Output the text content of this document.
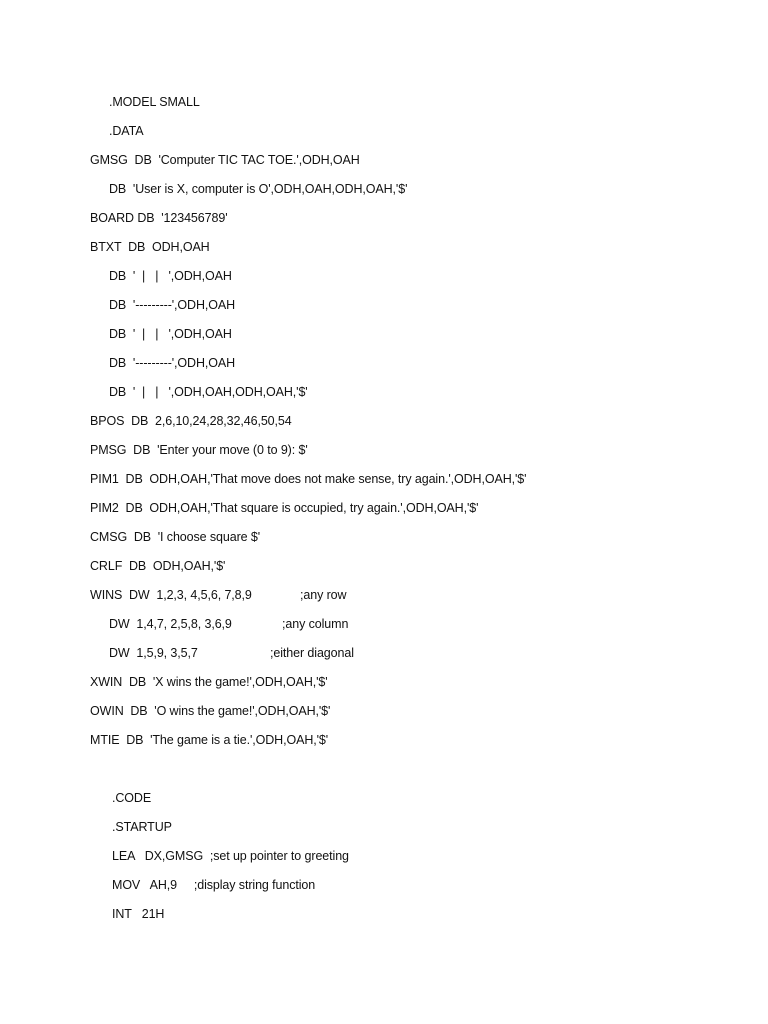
.MODEL SMALL
.DATA
GMSG  DB  'Computer TIC TAC TOE.',ODH,OAH
DB  'User is X, computer is O',ODH,OAH,ODH,OAH,'$'
BOARD DB  '123456789'
BTXT  DB  ODH,OAH
DB  '  |   |   ',ODH,OAH
DB  '---------',ODH,OAH
DB  '  |   |   ',ODH,OAH
DB  '---------',ODH,OAH
DB  '  |   |   ',ODH,OAH,ODH,OAH,'$'
BPOS  DB  2,6,10,24,28,32,46,50,54
PMSG  DB  'Enter your move (0 to 9): $'
PIM1  DB  ODH,OAH,'That move does not make sense, try again.',ODH,OAH,'$'
PIM2  DB  ODH,OAH,'That square is occupied, try again.',ODH,OAH,'$'
CMSG  DB  'I choose square $'
CRLF  DB  ODH,OAH,'$'
WINS  DW  1,2,3, 4,5,6, 7,8,9	;any row
DW  1,4,7, 2,5,8, 3,6,9	;any column
DW  1,5,9, 3,5,7	;either diagonal
XWIN  DB  'X wins the game!',ODH,OAH,'$'
OWIN  DB  'O wins the game!',ODH,OAH,'$'
MTIE  DB  'The game is a tie.',ODH,OAH,'$'
.CODE
.STARTUP
LEA   DX,GMSG  ;set up pointer to greeting
MOV   AH,9     ;display string function
INT   21H
